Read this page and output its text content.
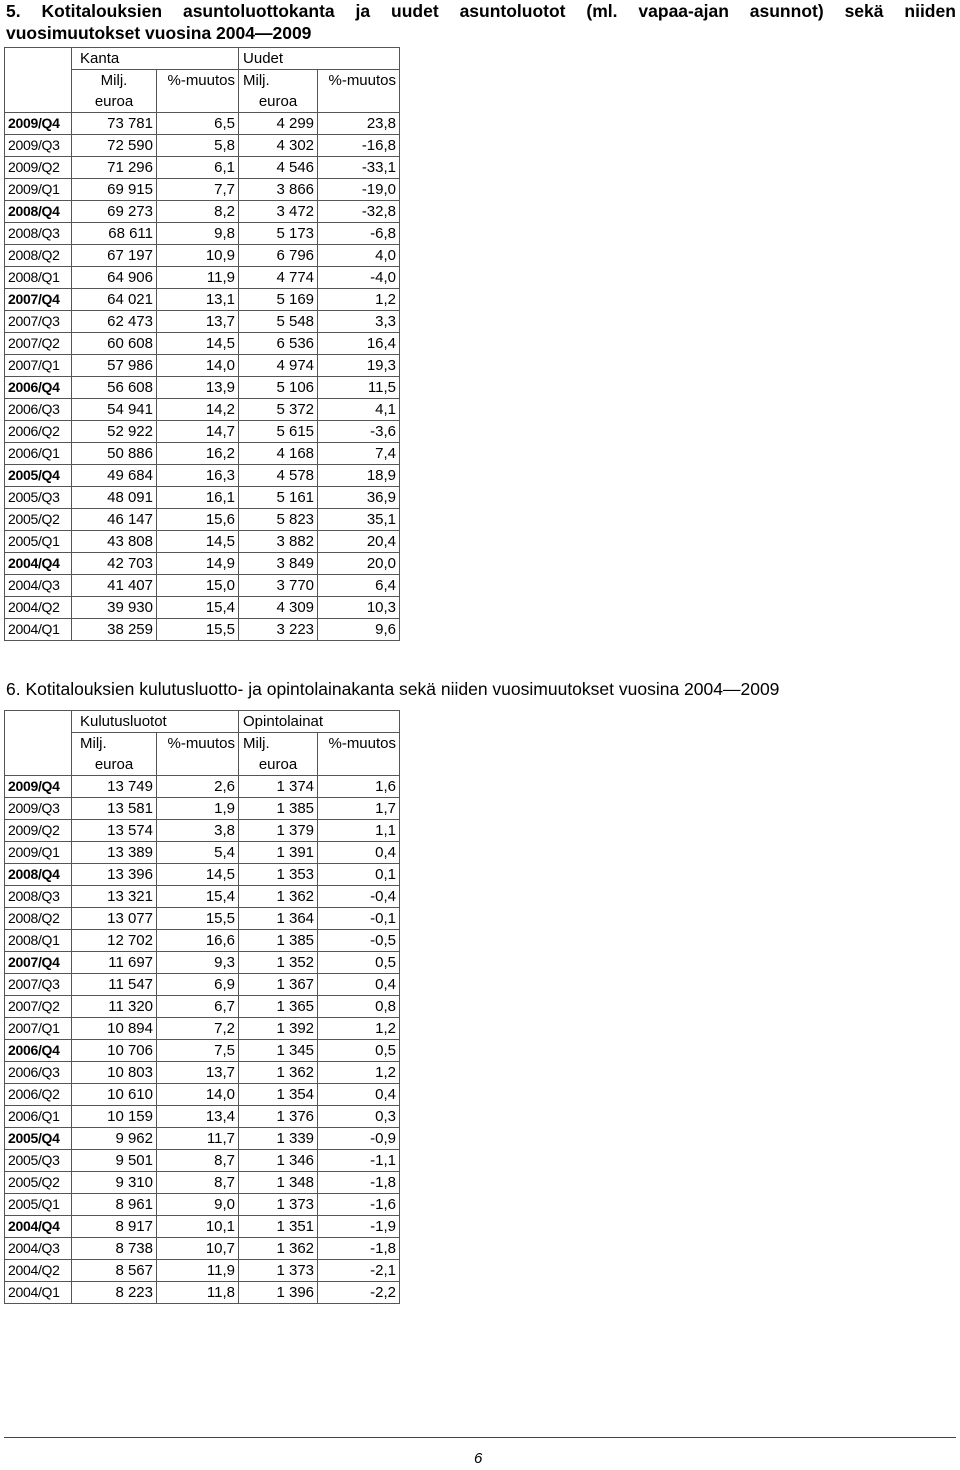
5. Kotitalouksien asuntoluottokanta ja uudet asuntoluotot (ml. vapaa-ajan asunnot) sekä niiden
vuosimuutokset vuosina 2004—2009
	Kanta		Uudet	
	Milj.	%-muutos	Milj.	%-muutos
	euroa		euroa	
2009/Q4	73 781	6,5	4 299	23,8
2009/Q3	72 590	5,8	4 302	-16,8
2009/Q2	71 296	6,1	4 546	-33,1
2009/Q1	69 915	7,7	3 866	-19,0
2008/Q4	69 273	8,2	3 472	-32,8
2008/Q3	68 611	9,8	5 173	-6,8
2008/Q2	67 197	10,9	6 796	4,0
2008/Q1	64 906	11,9	4 774	-4,0
2007/Q4	64 021	13,1	5 169	1,2
2007/Q3	62 473	13,7	5 548	3,3
2007/Q2	60 608	14,5	6 536	16,4
2007/Q1	57 986	14,0	4 974	19,3
2006/Q4	56 608	13,9	5 106	11,5
2006/Q3	54 941	14,2	5 372	4,1
2006/Q2	52 922	14,7	5 615	-3,6
2006/Q1	50 886	16,2	4 168	7,4
2005/Q4	49 684	16,3	4 578	18,9
2005/Q3	48 091	16,1	5 161	36,9
2005/Q2	46 147	15,6	5 823	35,1
2005/Q1	43 808	14,5	3 882	20,4
2004/Q4	42 703	14,9	3 849	20,0
2004/Q3	41 407	15,0	3 770	6,4
2004/Q2	39 930	15,4	4 309	10,3
2004/Q1	38 259	15,5	3 223	9,6
6. Kotitalouksien kulutusluotto- ja opintolainakanta sekä niiden vuosimuutokset vuosina 2004—2009
	Kulutusluotot		Opintolainat	
	Milj.	%-muutos	Milj.	%-muutos
	euroa		euroa	
2009/Q4	13 749	2,6	1 374	1,6
2009/Q3	13 581	1,9	1 385	1,7
2009/Q2	13 574	3,8	1 379	1,1
2009/Q1	13 389	5,4	1 391	0,4
2008/Q4	13 396	14,5	1 353	0,1
2008/Q3	13 321	15,4	1 362	-0,4
2008/Q2	13 077	15,5	1 364	-0,1
2008/Q1	12 702	16,6	1 385	-0,5
2007/Q4	11 697	9,3	1 352	0,5
2007/Q3	11 547	6,9	1 367	0,4
2007/Q2	11 320	6,7	1 365	0,8
2007/Q1	10 894	7,2	1 392	1,2
2006/Q4	10 706	7,5	1 345	0,5
2006/Q3	10 803	13,7	1 362	1,2
2006/Q2	10 610	14,0	1 354	0,4
2006/Q1	10 159	13,4	1 376	0,3
2005/Q4	9 962	11,7	1 339	-0,9
2005/Q3	9 501	8,7	1 346	-1,1
2005/Q2	9 310	8,7	1 348	-1,8
2005/Q1	8 961	9,0	1 373	-1,6
2004/Q4	8 917	10,1	1 351	-1,9
2004/Q3	8 738	10,7	1 362	-1,8
2004/Q2	8 567	11,9	1 373	-2,1
2004/Q1	8 223	11,8	1 396	-2,2
6
